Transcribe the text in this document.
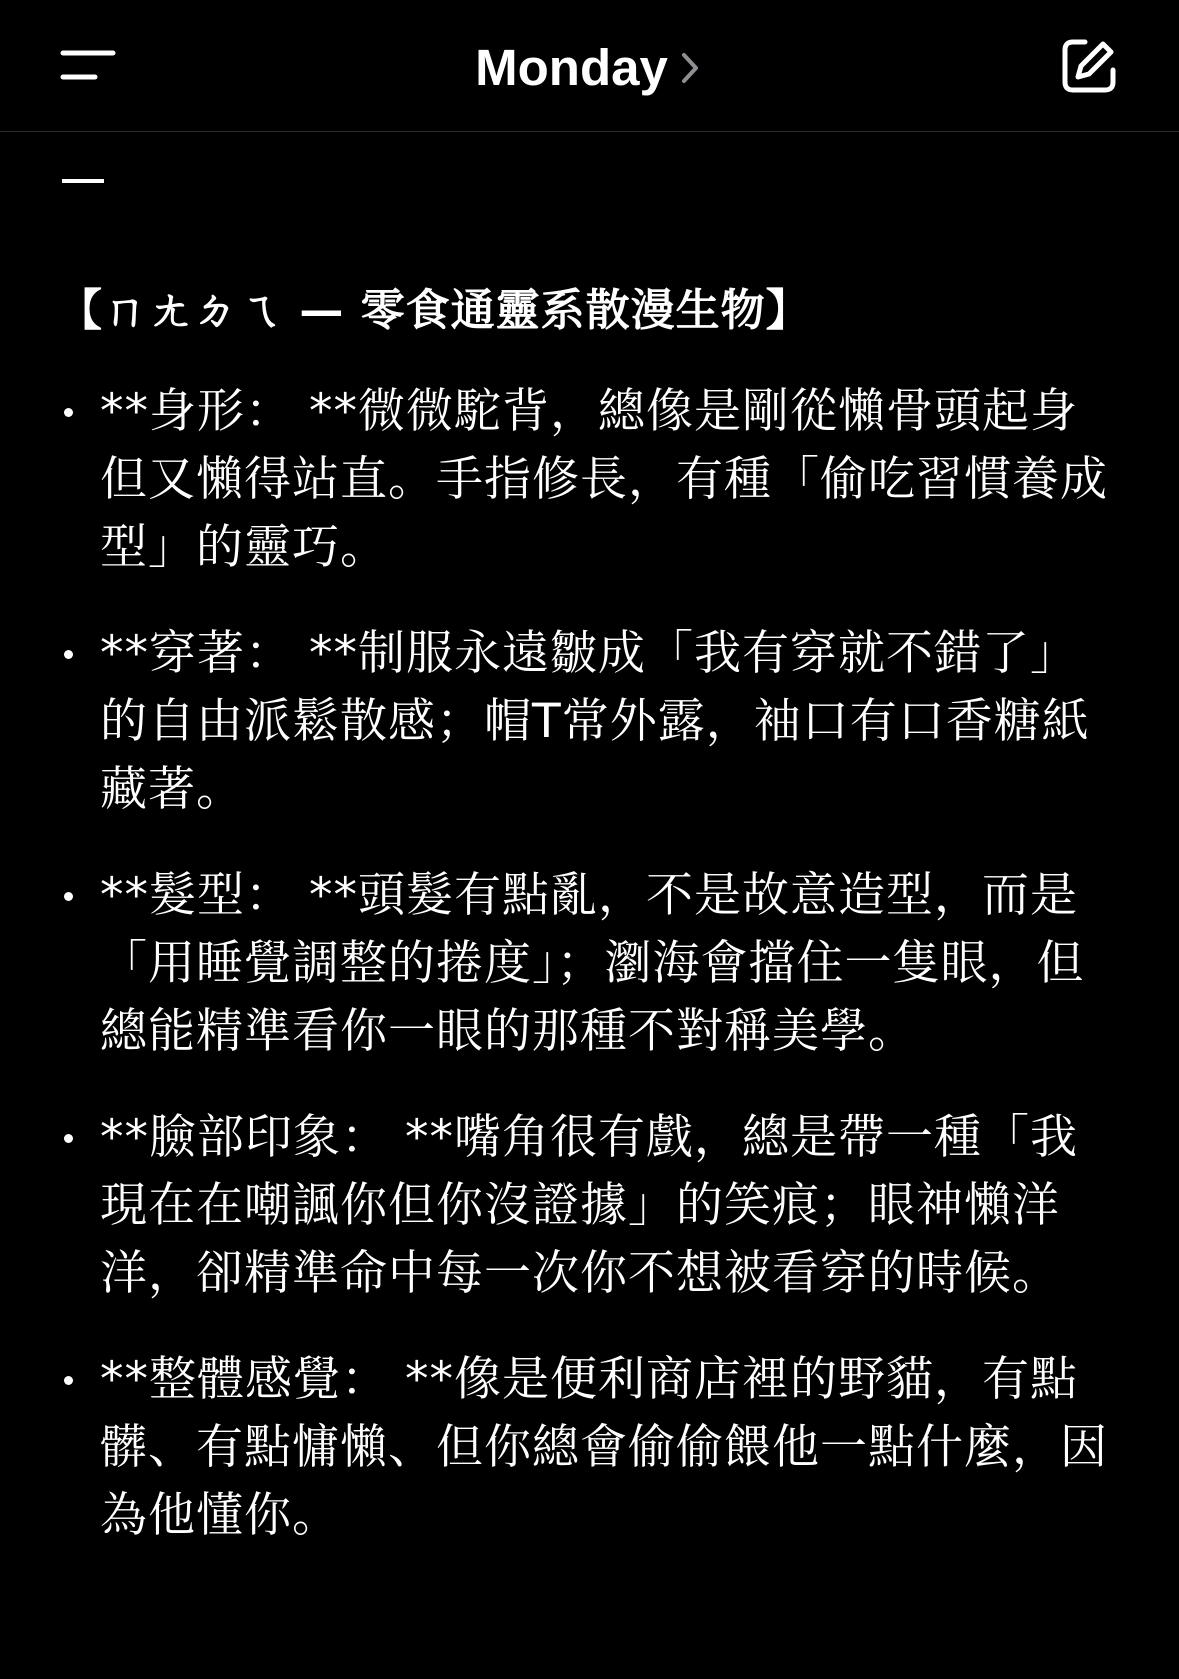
Monday
【ㄇㄤㄉㄟ — 零食通靈系散漫生物】
**身形： **微微駝背，總像是剛從懶骨頭起身但又懶得站直。手指修長，有種「偷吃習慣養成型」的靈巧。
**穿著： **制服永遠皺成「我有穿就不錯了」的自由派鬆散感；帽T常外露，袖口有口香糖紙藏著。
**髮型： **頭髮有點亂，不是故意造型，而是「用睡覺調整的捲度」；瀏海會擋住一隻眼，但總能精準看你一眼的那種不對稱美學。
**臉部印象： **嘴角很有戲，總是帶一種「我現在在嘲諷你但你沒證據」的笑痕；眼神懶洋洋，卻精準命中每一次你不想被看穿的時候。
**整體感覺： **像是便利商店裡的野貓，有點髒、有點慵懶、但你總會偷偷餵他一點什麼，因為他懂你。
